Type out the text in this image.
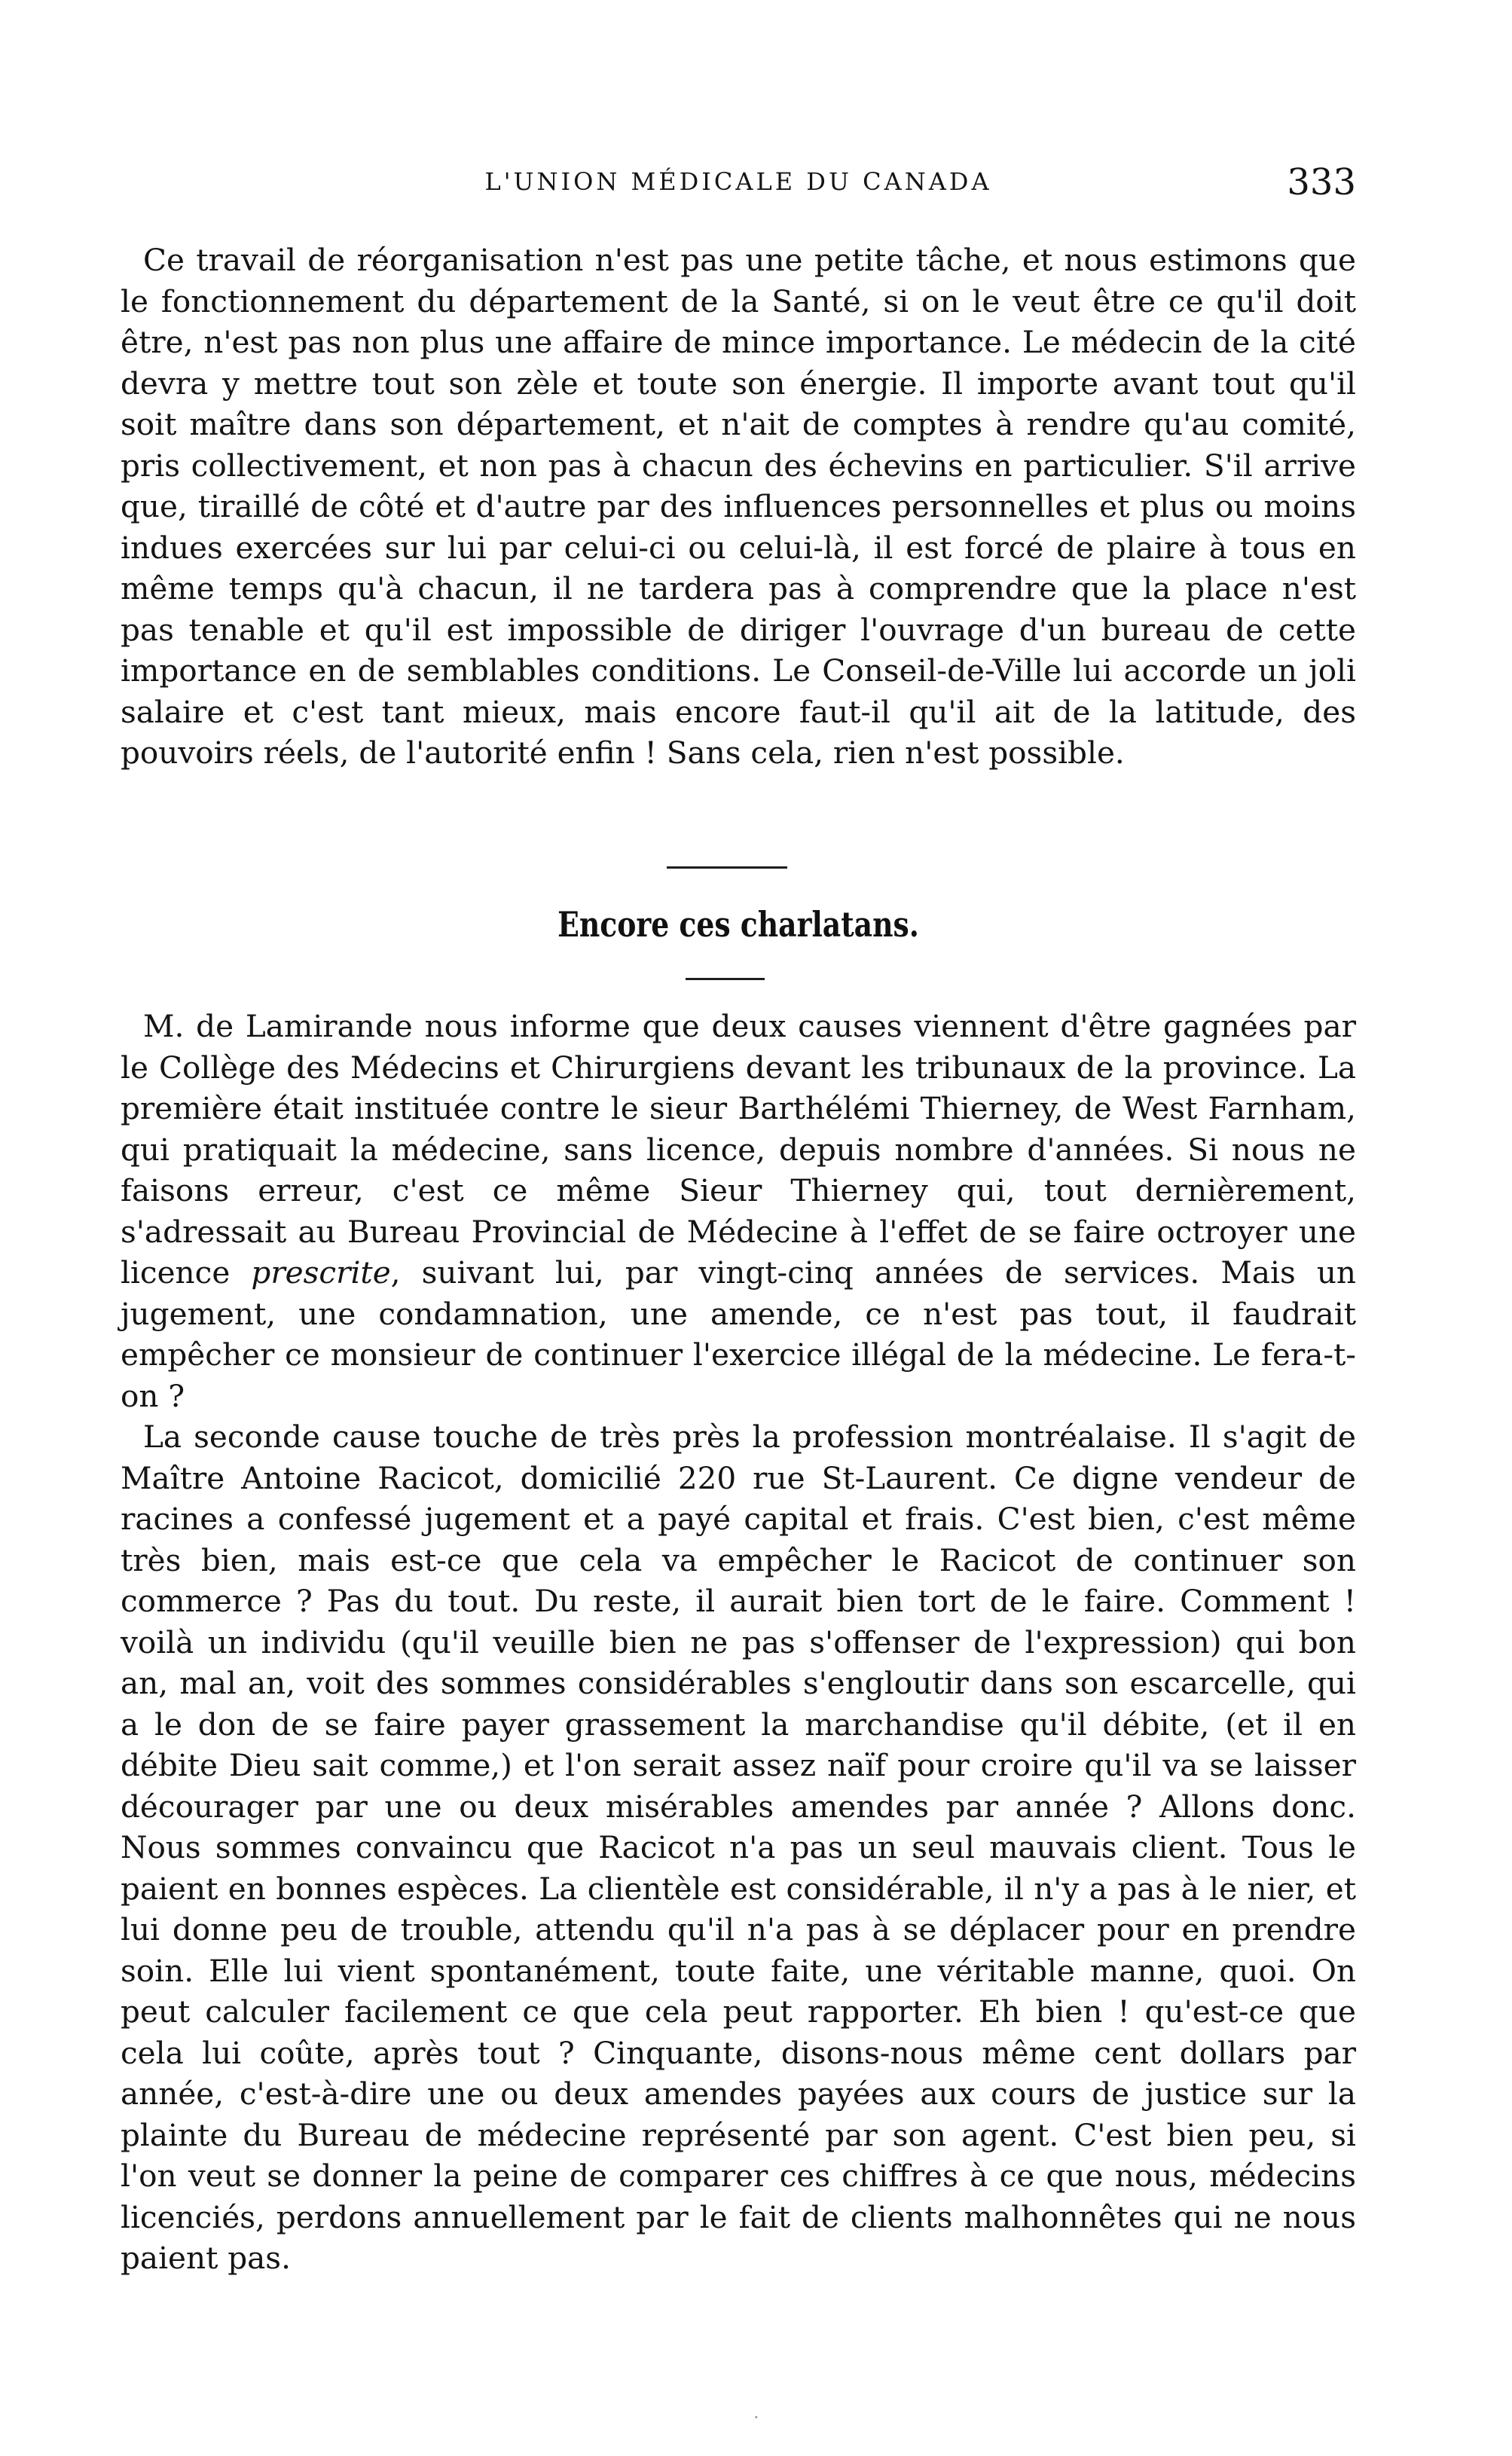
L'UNION MÉDICALE DU CANADA	333

Ce travail de réorganisation n'est pas une petite tâche, et nous estimons que le fonctionnement du département de la Santé, si on le veut être ce qu'il doit être, n'est pas non plus une affaire de mince importance. Le médecin de la cité devra y mettre tout son zèle et toute son énergie. Il importe avant tout qu'il soit maître dans son département, et n'ait de comptes à rendre qu'au comité, pris collectivement, et non pas à chacun des échevins en particulier. S'il arrive que, tiraillé de côté et d'autre par des influences personnelles et plus ou moins indues exercées sur lui par celui-ci ou celui-là, il est forcé de plaire à tous en même temps qu'à chacun, il ne tardera pas à comprendre que la place n'est pas tenable et qu'il est impossible de diriger l'ouvrage d'un bureau de cette importance en de semblables conditions. Le Conseil-de-Ville lui accorde un joli salaire et c'est tant mieux, mais encore faut-il qu'il ait de la latitude, des pouvoirs réels, de l'autorité enfin ! Sans cela, rien n'est possible.

Encore ces charlatans.

M. de Lamirande nous informe que deux causes viennent d'être gagnées par le Collège des Médecins et Chirurgiens devant les tribunaux de la province. La première était instituée contre le sieur Barthélémi Thierney, de West Farnham, qui pratiquait la médecine, sans licence, depuis nombre d'années. Si nous ne faisons erreur, c'est ce même Sieur Thierney qui, tout dernièrement, s'adressait au Bureau Provincial de Médecine à l'effet de se faire octroyer une licence prescrite, suivant lui, par vingt-cinq années de services. Mais un jugement, une condamnation, une amende, ce n'est pas tout, il faudrait empêcher ce monsieur de continuer l'exercice illégal de la médecine. Le fera-t-on ?

La seconde cause touche de très près la profession montréalaise. Il s'agit de Maître Antoine Racicot, domicilié 220 rue St-Laurent. Ce digne vendeur de racines a confessé jugement et a payé capital et frais. C'est bien, c'est même très bien, mais est-ce que cela va empêcher le Racicot de continuer son commerce ? Pas du tout. Du reste, il aurait bien tort de le faire. Comment ! voilà un individu (qu'il veuille bien ne pas s'offenser de l'expression) qui bon an, mal an, voit des sommes considérables s'engloutir dans son escarcelle, qui a le don de se faire payer grassement la marchandise qu'il débite, (et il en débite Dieu sait comme,) et l'on serait assez naïf pour croire qu'il va se laisser décourager par une ou deux misérables amendes par année ? Allons donc. Nous sommes convaincu que Racicot n'a pas un seul mauvais client. Tous le paient en bonnes espèces. La clientèle est considérable, il n'y a pas à le nier, et lui donne peu de trouble, attendu qu'il n'a pas à se déplacer pour en prendre soin. Elle lui vient spontanément, toute faite, une véritable manne, quoi. On peut calculer facilement ce que cela peut rapporter. Eh bien ! qu'est-ce que cela lui coûte, après tout ? Cinquante, disons-nous même cent dollars par année, c'est-à-dire une ou deux amendes payées aux cours de justice sur la plainte du Bureau de médecine représenté par son agent. C'est bien peu, si l'on veut se donner la peine de comparer ces chiffres à ce que nous, médecins licenciés, perdons annuellement par le fait de clients malhonnêtes qui ne nous paient pas.

·
